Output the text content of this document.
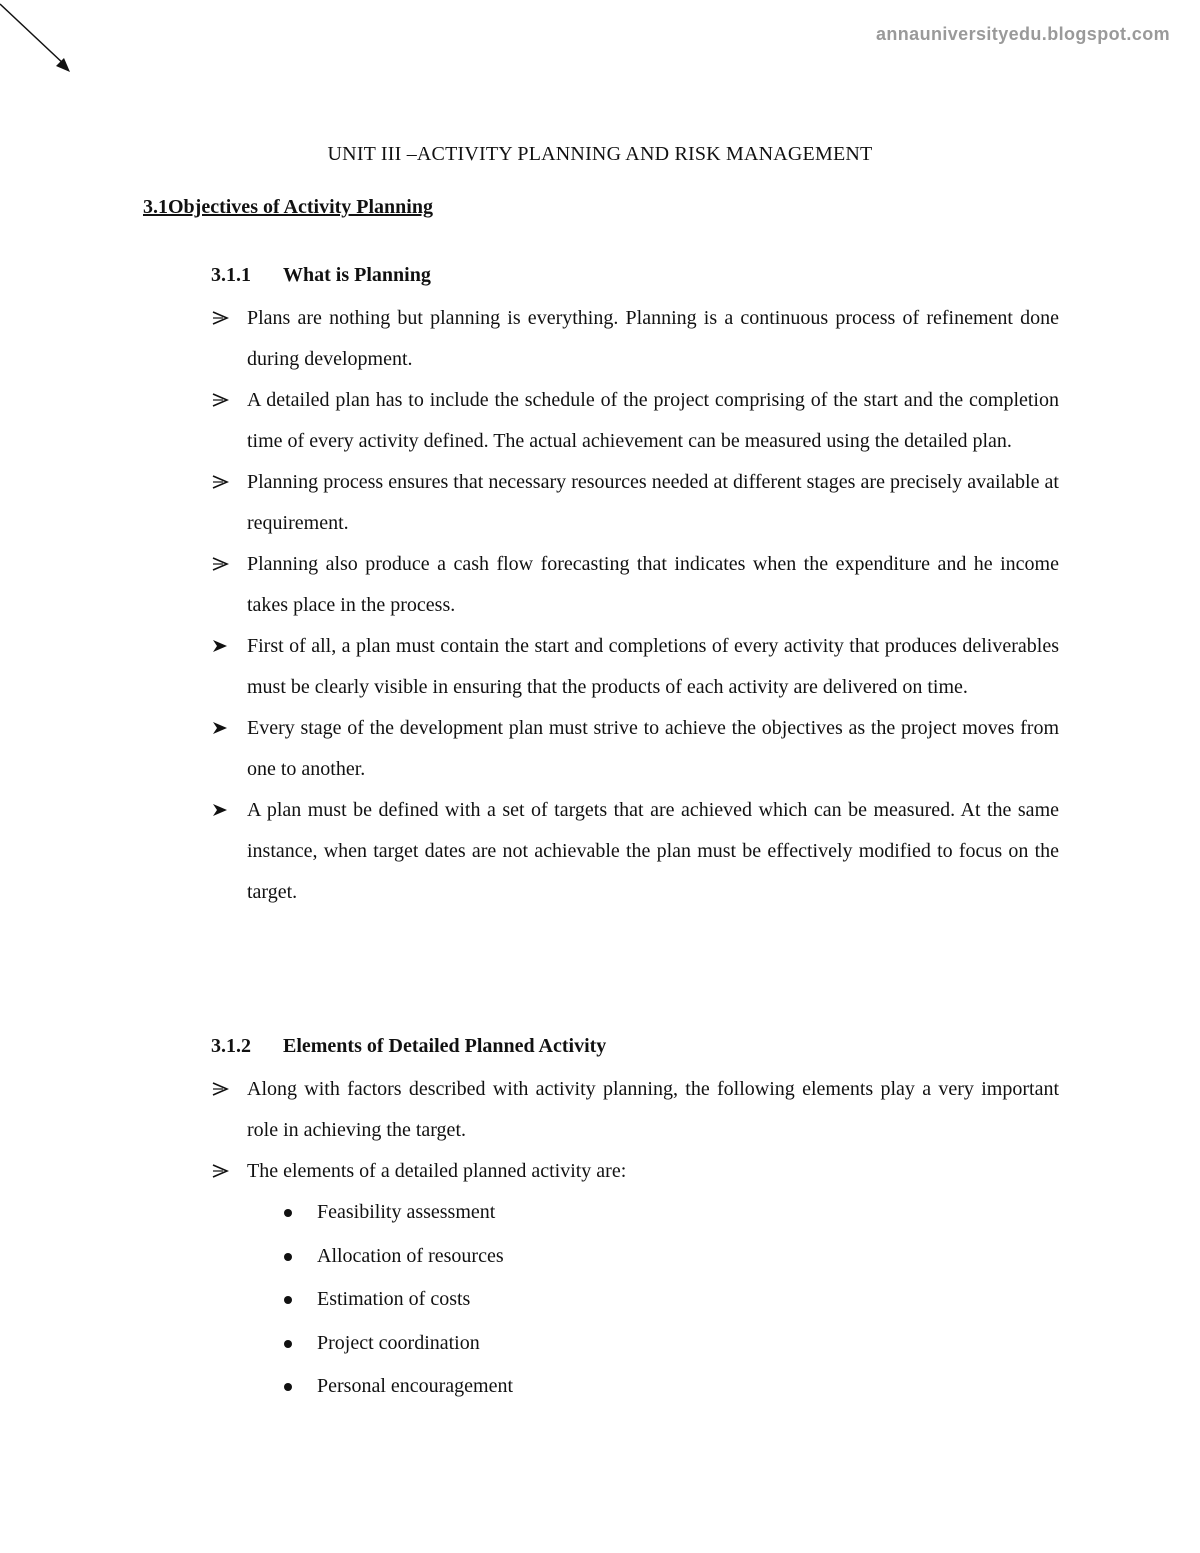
annauniversityedu.blogspot.com
UNIT III –ACTIVITY PLANNING AND RISK MANAGEMENT
3.1Objectives of Activity Planning
3.1.1 What is Planning
Plans are nothing but planning is everything. Planning is a continuous process of refinement done during development.
A detailed plan has to include the schedule of the project comprising of the start and the completion time of every activity defined. The actual achievement can be measured using the detailed plan.
Planning process ensures that necessary resources needed at different stages are precisely available at requirement.
Planning also produce a cash flow forecasting that indicates when the expenditure and he income takes place in the process.
First of all, a plan must contain the start and completions of every activity that produces deliverables must be clearly visible in ensuring that the products of each activity are delivered on time.
Every stage of the development plan must strive to achieve the objectives as the project moves from one to another.
A plan must be defined with a set of targets that are achieved which can be measured. At the same instance, when target dates are not achievable the plan must be effectively modified to focus on the target.
3.1.2 Elements of Detailed Planned Activity
Along with factors described with activity planning, the following elements play a very important role in achieving the target.
The elements of a detailed planned activity are:
Feasibility assessment
Allocation of resources
Estimation of costs
Project coordination
Personal encouragement
